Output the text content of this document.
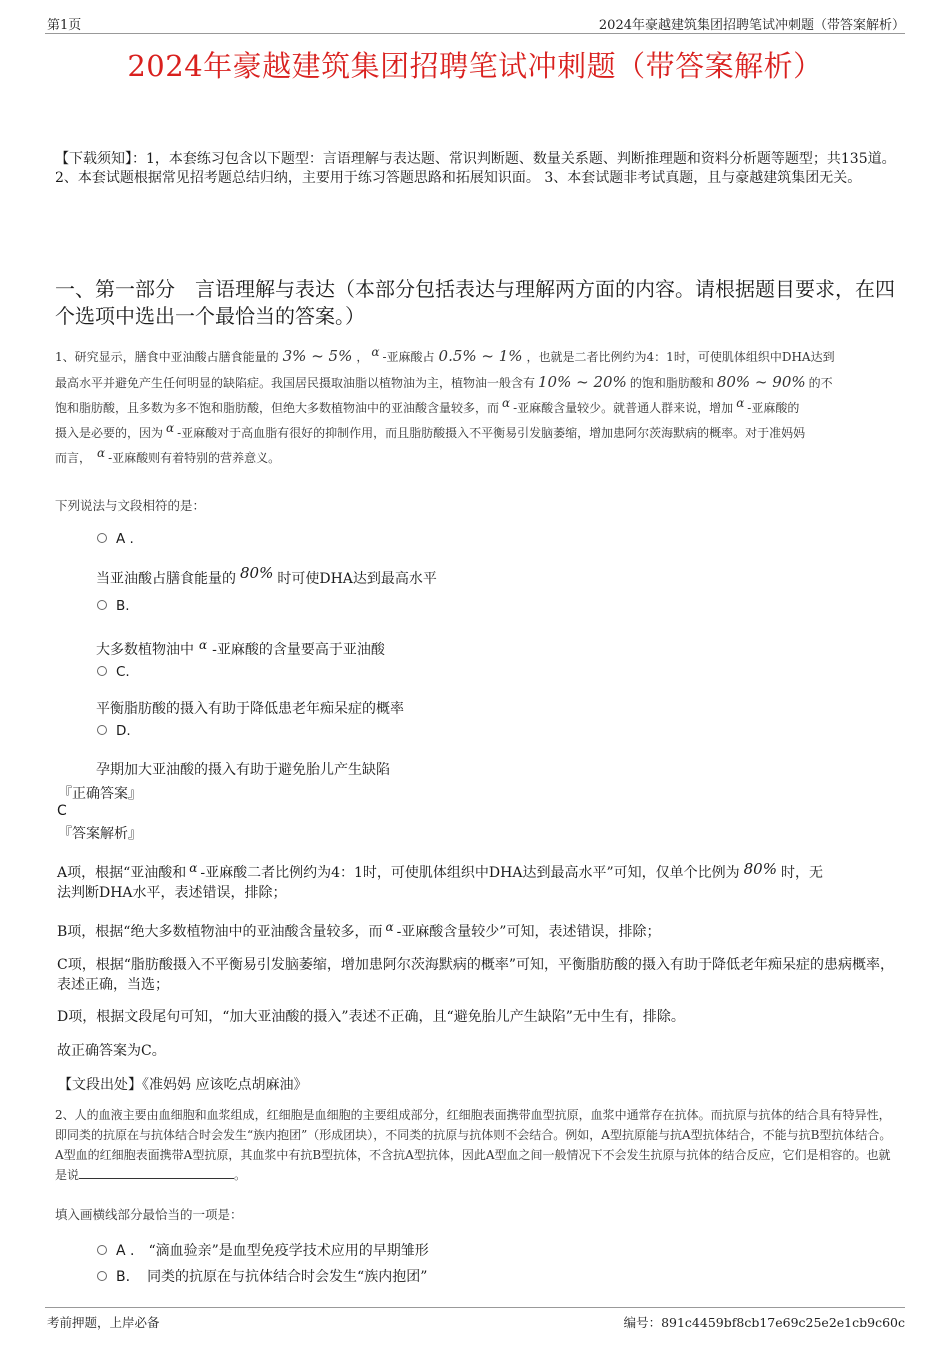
第1页	2024年豪越建筑集团招聘笔试冲刺题（带答案解析）
2024年豪越建筑集团招聘笔试冲刺题（带答案解析）
【下载须知】：1，本套练习包含以下题型：言语理解与表达题、常识判断题、数量关系题、判断推理题和资料分析题等题型；共135道。 2、本套试题根据常见招考题总结归纳，主要用于练习答题思路和拓展知识面。 3、本套试题非考试真题，且与豪越建筑集团无关。
一、第一部分　言语理解与表达（本部分包括表达与理解两方面的内容。请根据题目要求，在四个选项中选出一个最恰当的答案。）
1、研究显示，膳食中亚油酸占膳食能量的 3% ~ 5% ， α -亚麻酸占 0.5% ~ 1% ，也就是二者比例约为4：1时，可使肌体组织中DHA达到
最高水平并避免产生任何明显的缺陷症。我国居民摄取油脂以植物油为主，植物油一般含有 10% ~ 20% 的饱和脂肪酸和 80% ~ 90% 的不
饱和脂肪酸，且多数为多不饱和脂肪酸，但绝大多数植物油中的亚油酸含量较多，而 α -亚麻酸含量较少。就普通人群来说，增加 α -亚麻酸的
摄入是必要的，因为 α -亚麻酸对于高血脂有很好的抑制作用，而且脂肪酸摄入不平衡易引发脑萎缩，增加患阿尔茨海默病的概率。对于准妈妈
而言， α -亚麻酸则有着特别的营养意义。
下列说法与文段相符的是：
A .
当亚油酸占膳食能量的 80% 时可使DHA达到最高水平
B.
大多数植物油中 α -亚麻酸的含量要高于亚油酸
C.
平衡脂肪酸的摄入有助于降低患老年痴呆症的概率
D.
孕期加大亚油酸的摄入有助于避免胎儿产生缺陷
『正确答案』
C
『答案解析』
A项，根据“亚油酸和 α -亚麻酸二者比例约为4：1时，可使肌体组织中DHA达到最高水平”可知，仅单个比例为 80% 时，无
法判断DHA水平，表述错误，排除；
B项，根据“绝大多数植物油中的亚油酸含量较多，而 α -亚麻酸含量较少”可知，表述错误，排除；
C项，根据“脂肪酸摄入不平衡易引发脑萎缩，增加患阿尔茨海默病的概率”可知，平衡脂肪酸的摄入有助于降低老年痴呆症的患病概率，表述正确，当选；
D项，根据文段尾句可知，“加大亚油酸的摄入”表述不正确，且“避免胎儿产生缺陷”无中生有，排除。
故正确答案为C。
【文段出处】《准妈妈 应该吃点胡麻油》
2、人的血液主要由血细胞和血浆组成，红细胞是血细胞的主要组成部分，红细胞表面携带血型抗原，血浆中通常存在抗体。而抗原与抗体的结合具有特异性，即同类的抗原在与抗体结合时会发生“族内抱团”（形成团块），不同类的抗原与抗体则不会结合。例如，A型抗原能与抗A型抗体结合，不能与抗B型抗体结合。A型血的红细胞表面携带A型抗原，其血浆中有抗B型抗体，不含抗A型抗体，因此A型血之间一般情况下不会发生抗原与抗体的结合反应，它们是相容的。也就是说	。
填入画横线部分最恰当的一项是：
A . “滴血验亲”是血型免疫学技术应用的早期雏形
B. 同类的抗原在与抗体结合时会发生“族内抱团”
考前押题，上岸必备	编号：891c4459bf8cb17e69c25e2e1cb9c60c
